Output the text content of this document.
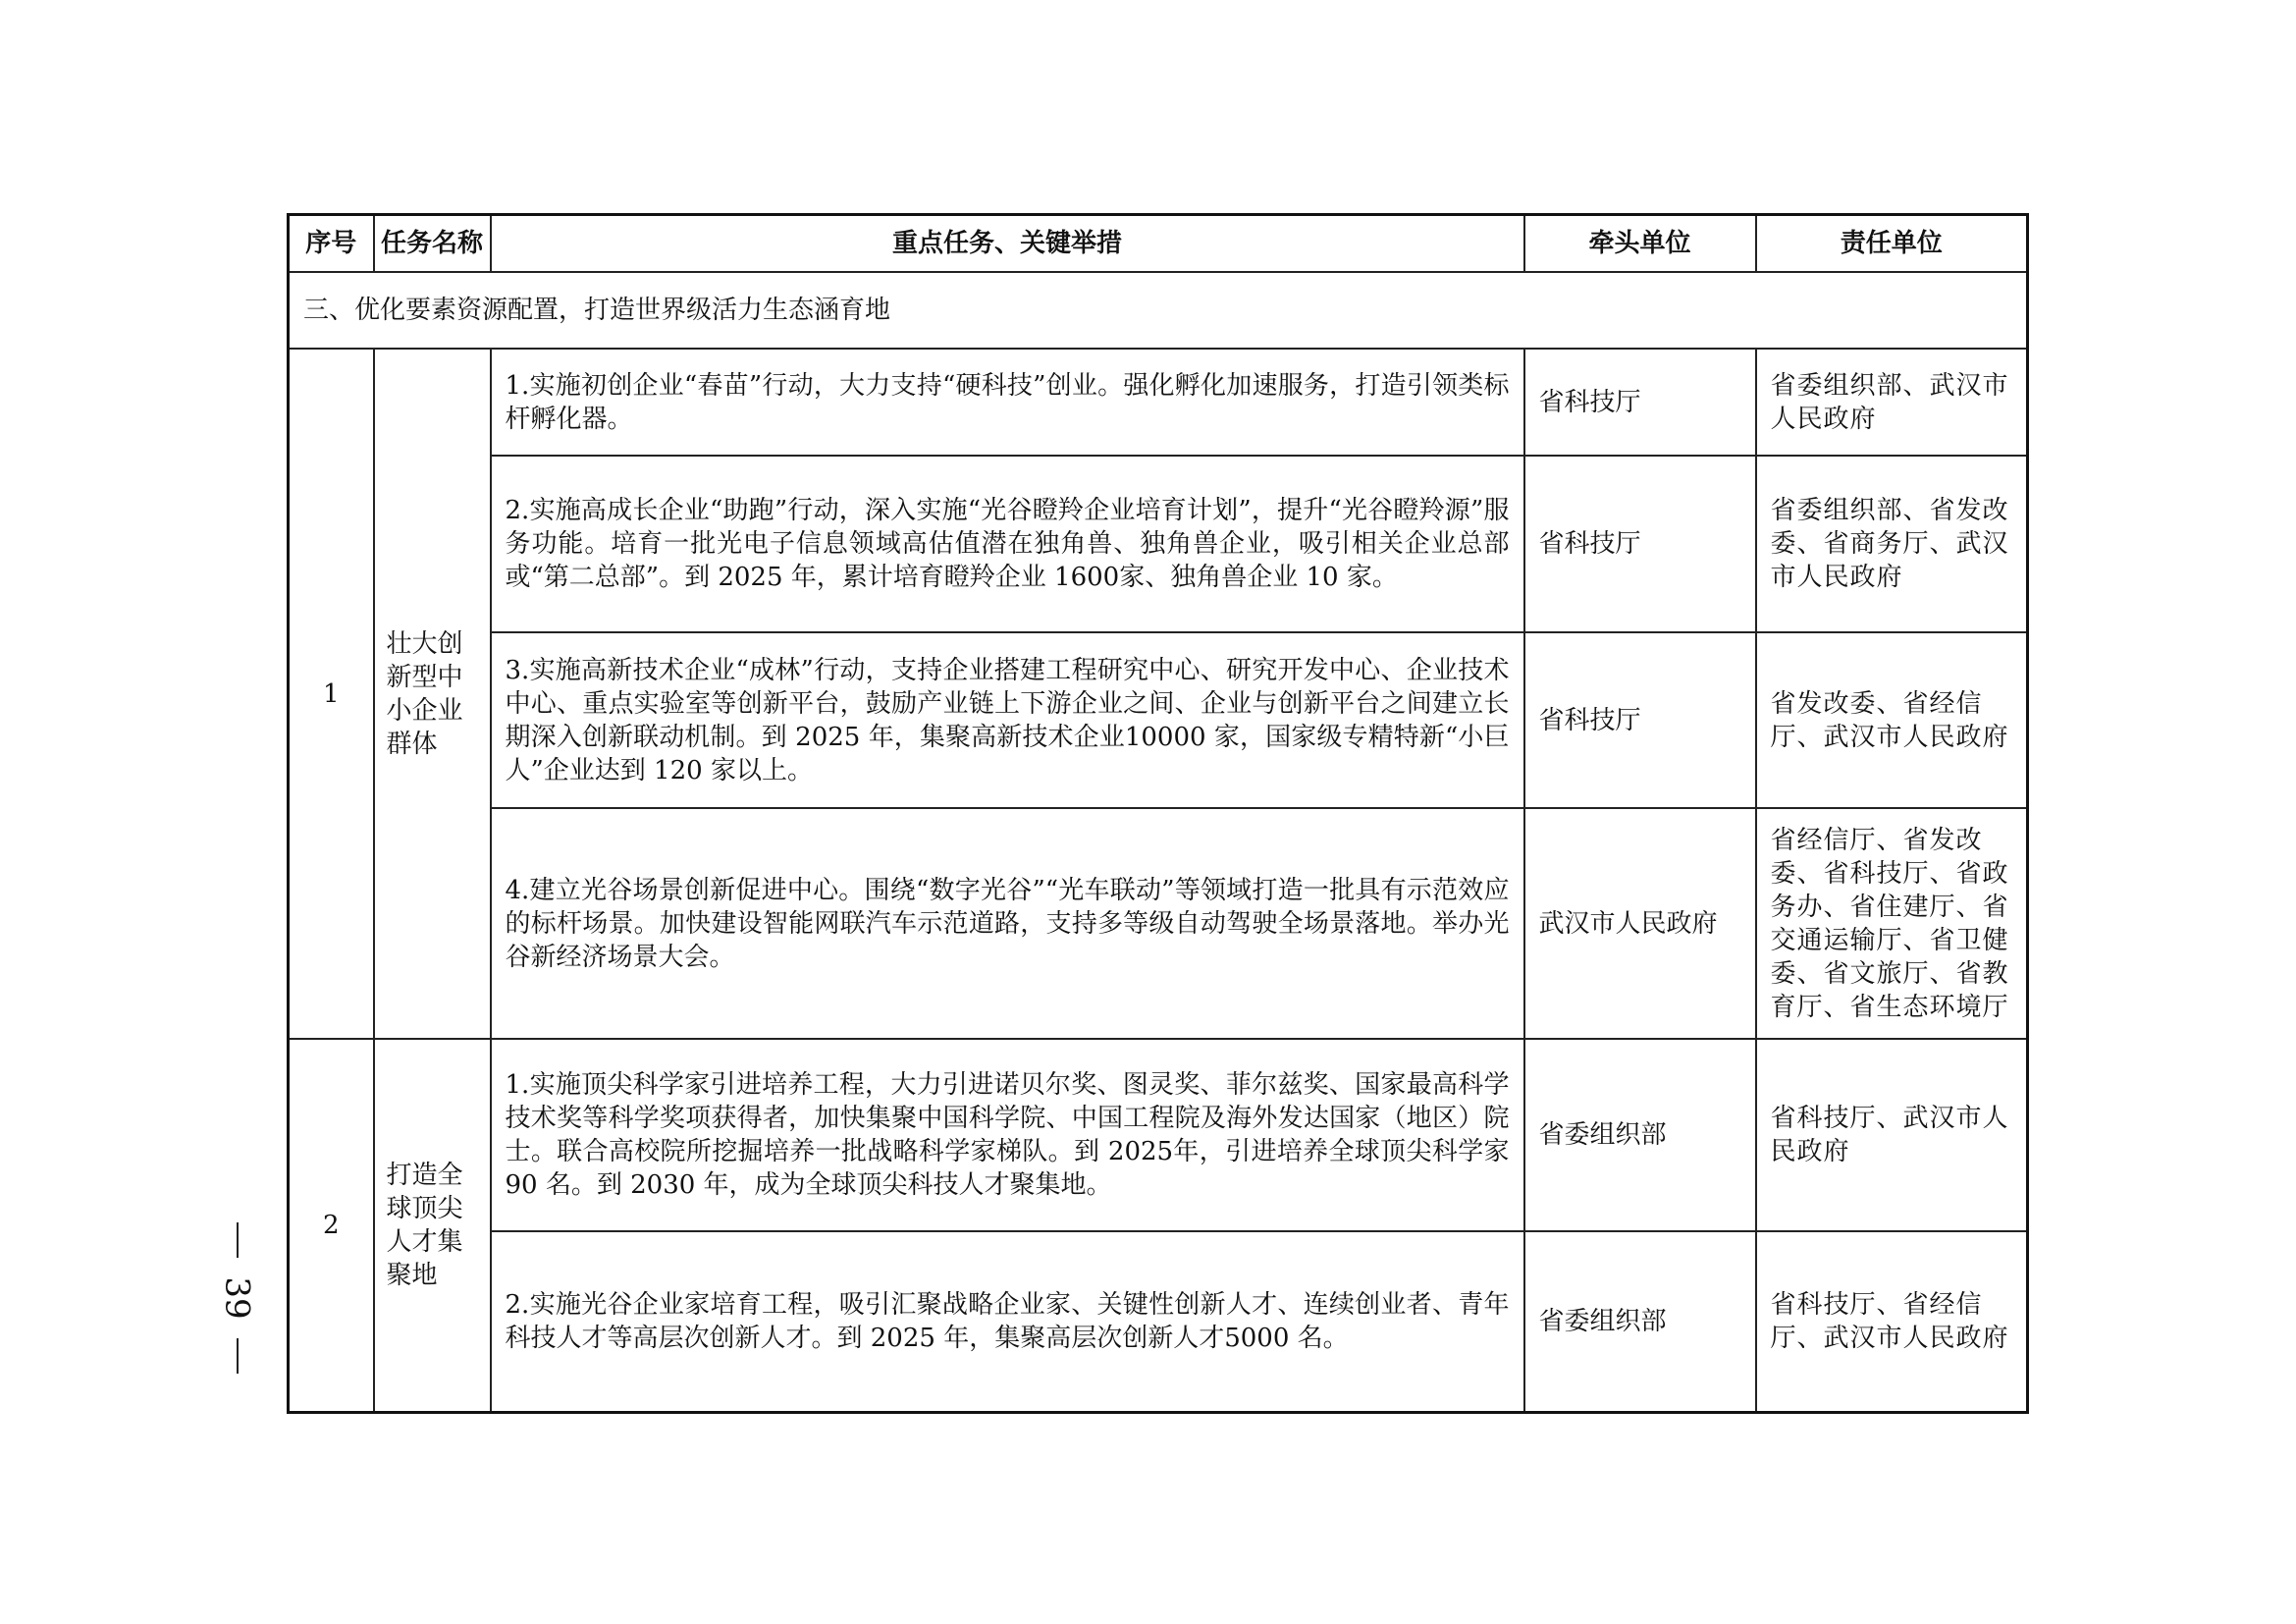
39
序号	任务名称	重点任务、关键举措	牵头单位	责任单位
三、优化要素资源配置，打造世界级活力生态涵育地				
1	壮大创新型中小企业群体	1.实施初创企业“春苗”行动，大力支持“硬科技”创业。强化孵化加速服务，打造引领类标杆孵化器。	省科技厅	省委组织部、武汉市人民政府
		2.实施高成长企业“助跑”行动，深入实施“光谷瞪羚企业培育计划”，提升“光谷瞪羚源”服务功能。培育一批光电子信息领域高估值潜在独角兽、独角兽企业，吸引相关企业总部或“第二总部”。到 2025 年，累计培育瞪羚企业 1600家、独角兽企业 10 家。	省科技厅	省委组织部、省发改委、省商务厅、武汉市人民政府
		3.实施高新技术企业“成林”行动，支持企业搭建工程研究中心、研究开发中心、企业技术中心、重点实验室等创新平台，鼓励产业链上下游企业之间、企业与创新平台之间建立长期深入创新联动机制。到 2025 年，集聚高新技术企业10000 家，国家级专精特新“小巨人”企业达到 120 家以上。	省科技厅	省发改委、省经信厅、武汉市人民政府
		4.建立光谷场景创新促进中心。围绕“数字光谷”“光车联动”等领域打造一批具有示范效应的标杆场景。加快建设智能网联汽车示范道路，支持多等级自动驾驶全场景落地。举办光谷新经济场景大会。	武汉市人民政府	省经信厅、省发改委、省科技厅、省政务办、省住建厅、省交通运输厅、省卫健委、省文旅厅、省教育厅、省生态环境厅
2	打造全球顶尖人才集聚地	1.实施顶尖科学家引进培养工程，大力引进诺贝尔奖、图灵奖、菲尔兹奖、国家最高科学技术奖等科学奖项获得者，加快集聚中国科学院、中国工程院及海外发达国家（地区）院士。联合高校院所挖掘培养一批战略科学家梯队。到 2025年，引进培养全球顶尖科学家 90 名。到 2030 年，成为全球顶尖科技人才聚集地。	省委组织部	省科技厅、武汉市人民政府
		2.实施光谷企业家培育工程，吸引汇聚战略企业家、关键性创新人才、连续创业者、青年科技人才等高层次创新人才。到 2025 年，集聚高层次创新人才5000 名。	省委组织部	省科技厅、省经信厅、武汉市人民政府
